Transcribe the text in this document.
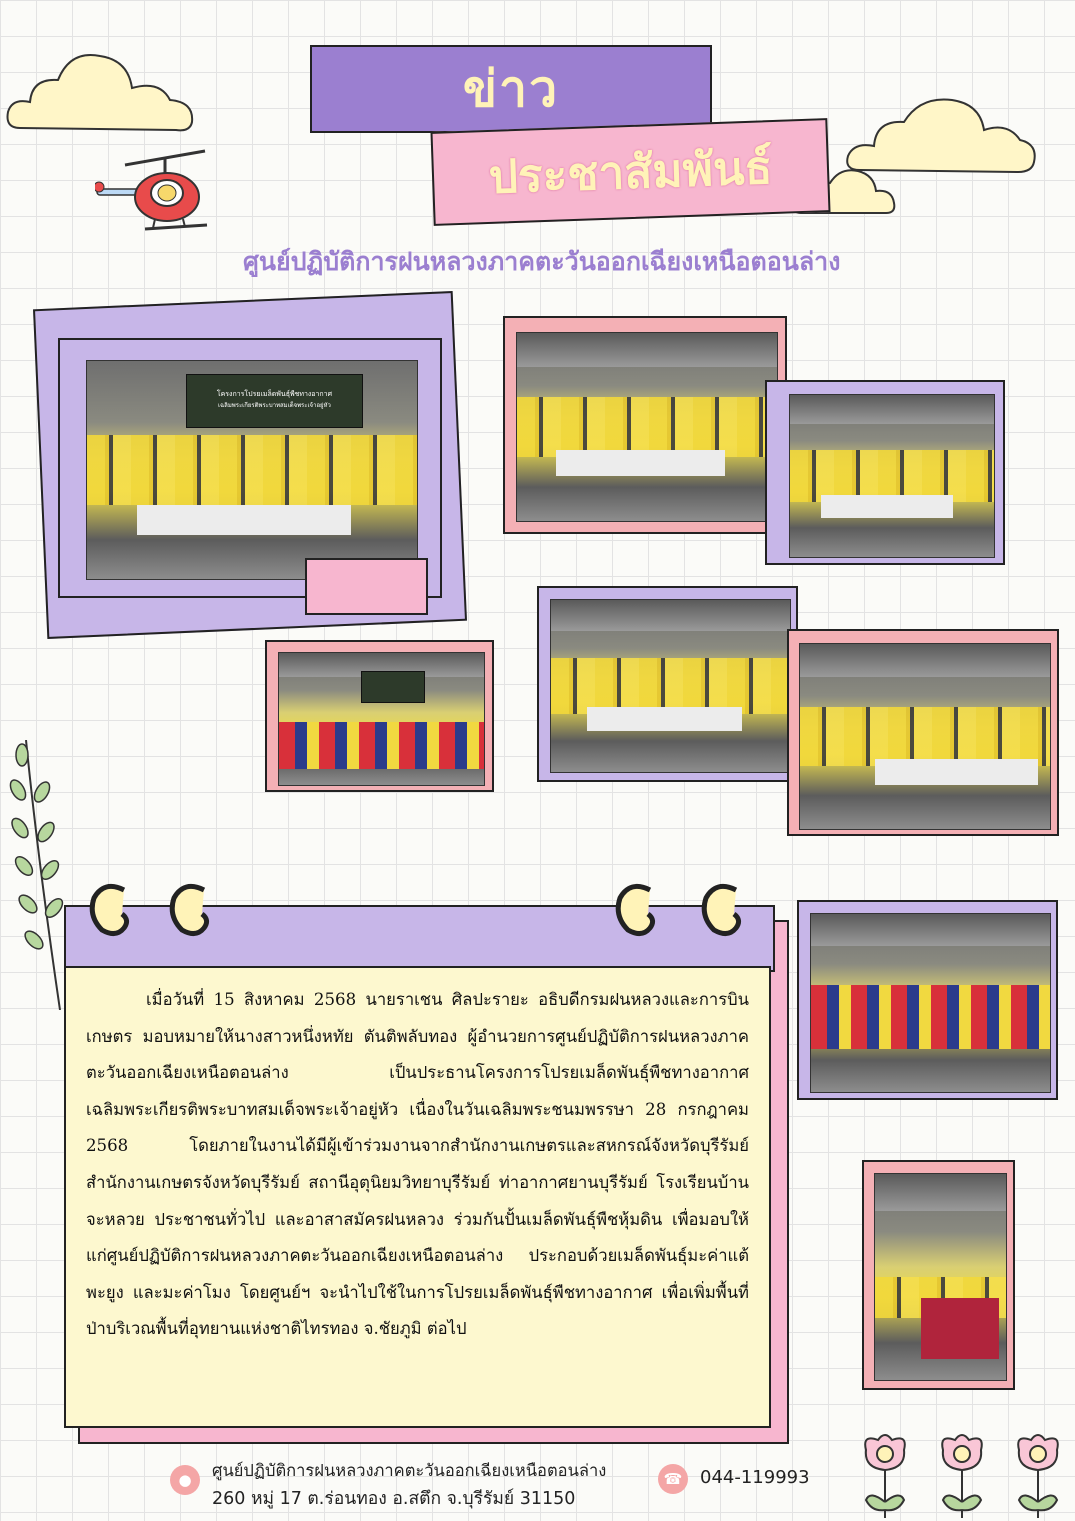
ข่าว
ประชาสัมพันธ์
ศูนย์ปฏิบัติการฝนหลวงภาคตะวันออกเฉียงเหนือตอนล่าง
โครงการโปรยเมล็ดพันธุ์พืชทางอากาศ
เฉลิมพระเกียรติพระบาทสมเด็จพระเจ้าอยู่หัว

เมื่อวันที่ 15 สิงหาคม 2568 นายราเชน ศิลปะรายะ อธิบดีกรมฝนหลวงและการบินเกษตร มอบหมายให้นางสาวหนึ่งหทัย ตันติพลับทอง ผู้อำนวยการศูนย์ปฏิบัติการฝนหลวงภาคตะวันออกเฉียงเหนือตอนล่าง เป็นประธานโครงการโปรยเมล็ดพันธุ์พืชทางอากาศ เฉลิมพระเกียรติพระบาทสมเด็จพระเจ้าอยู่หัว เนื่องในวันเฉลิมพระชนมพรรษา 28 กรกฎาคม 2568 โดยภายในงานได้มีผู้เข้าร่วมงานจากสำนักงานเกษตรและสหกรณ์จังหวัดบุรีรัมย์ สำนักงานเกษตรจังหวัดบุรีรัมย์ สถานีอุตุนิยมวิทยาบุรีรัมย์ ท่าอากาศยานบุรีรัมย์ โรงเรียนบ้านจะหลวย ประชาชนทั่วไป และอาสาสมัครฝนหลวง ร่วมกันปั้นเมล็ดพันธุ์พืชหุ้มดิน เพื่อมอบให้แก่ศูนย์ปฏิบัติการฝนหลวงภาคตะวันออกเฉียงเหนือตอนล่าง ประกอบด้วยเมล็ดพันธุ์มะค่าแต้ พะยูง และมะค่าโมง โดยศูนย์ฯ จะนำไปใช้ในการโปรยเมล็ดพันธุ์พืชทางอากาศ เพื่อเพิ่มพื้นที่ป่าบริเวณพื้นที่อุทยานแห่งชาติไทรทอง จ.ชัยภูมิ ต่อไป

●	ศูนย์ปฏิบัติการฝนหลวงภาคตะวันออกเฉียงเหนือตอนล่าง
260 หมู่ 17 ต.ร่อนทอง อ.สตึก จ.บุรีรัมย์ 31150
☎ 044-119993
